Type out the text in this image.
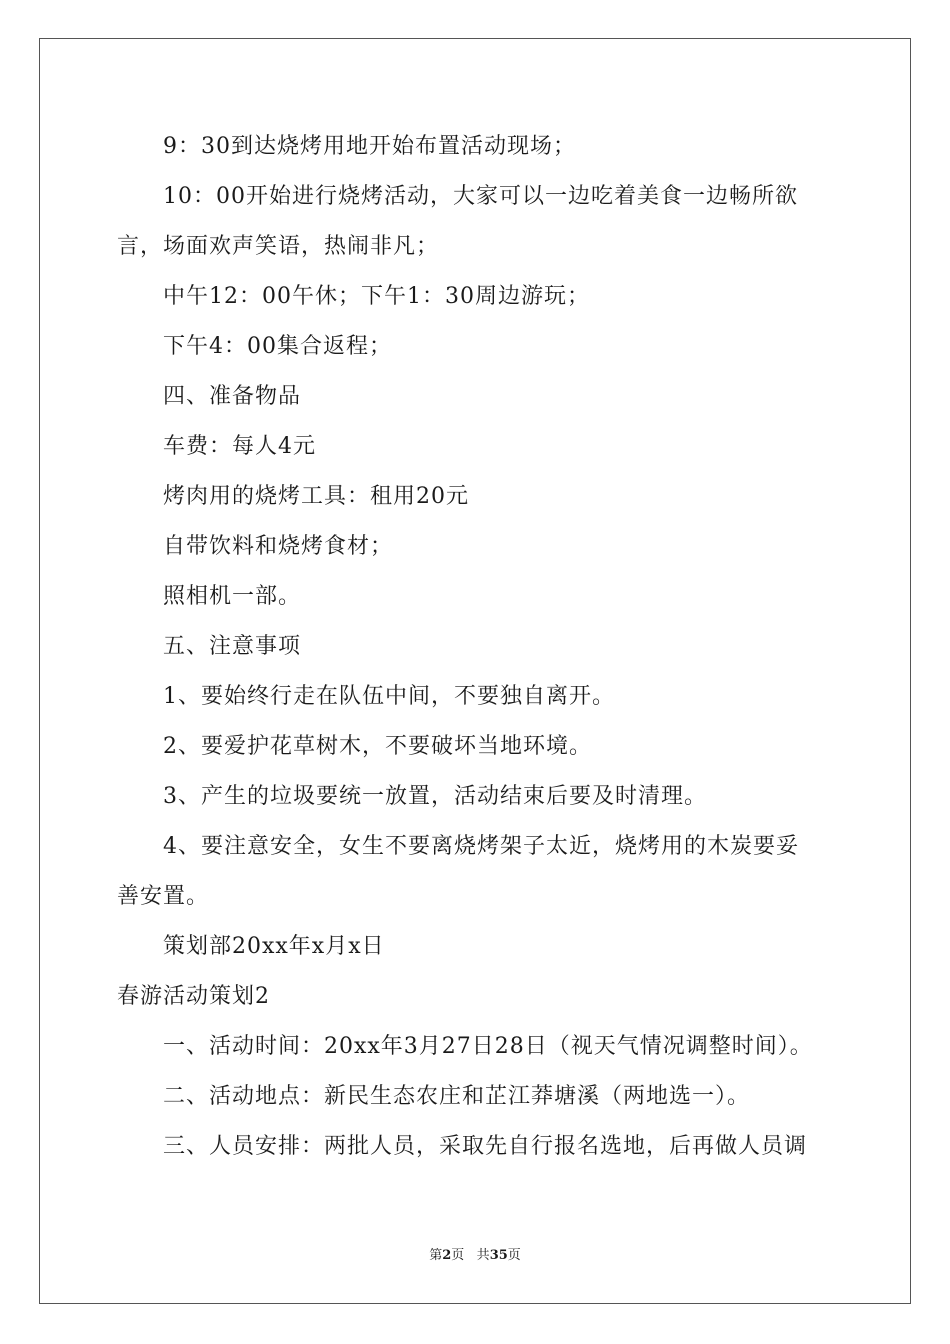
9：30到达烧烤用地开始布置活动现场；
10：00开始进行烧烤活动，大家可以一边吃着美食一边畅所欲
言，场面欢声笑语，热闹非凡；
中午12：00午休；下午1：30周边游玩；
下午4：00集合返程；
四、准备物品
车费：每人4元
烤肉用的烧烤工具：租用20元
自带饮料和烧烤食材；
照相机一部。
五、注意事项
1、要始终行走在队伍中间，不要独自离开。
2、要爱护花草树木，不要破坏当地环境。
3、产生的垃圾要统一放置，活动结束后要及时清理。
4、要注意安全，女生不要离烧烤架子太近，烧烤用的木炭要妥
善安置。
策划部20xx年x月x日
春游活动策划2
一、活动时间：20xx年3月27日28日（视天气情况调整时间）。
二、活动地点：新民生态农庄和芷江莽塘溪（两地选一）。
三、人员安排：两批人员，采取先自行报名选地，后再做人员调
第2页 共35页
